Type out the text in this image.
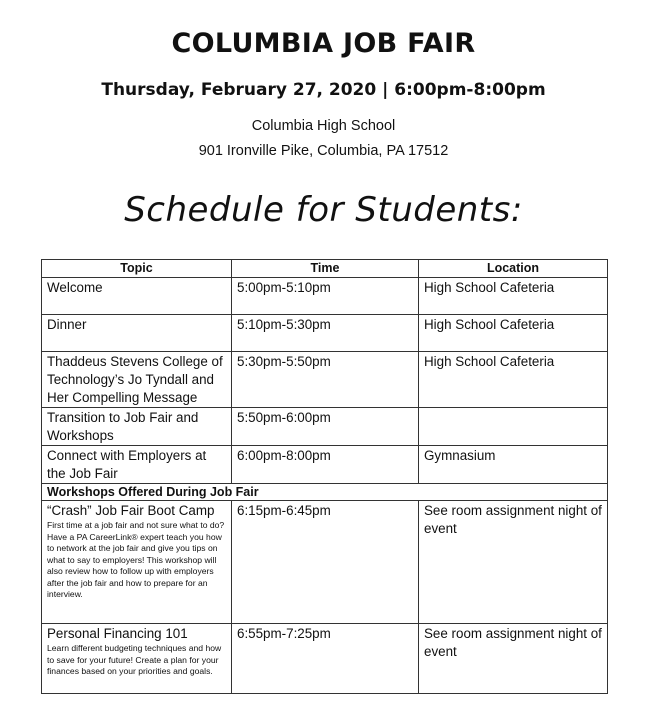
COLUMBIA JOB FAIR
Thursday, February 27, 2020 | 6:00pm-8:00pm
Columbia High School
901 Ironville Pike, Columbia, PA 17512
Schedule for Students:
Topic	Time	Location
Welcome	5:00pm-5:10pm	High School Cafeteria
Dinner	5:10pm-5:30pm	High School Cafeteria
Thaddeus Stevens College of Technology’s Jo Tyndall and Her Compelling Message	5:30pm-5:50pm	High School Cafeteria
Transition to Job Fair and Workshops	5:50pm-6:00pm	
Connect with Employers at the Job Fair	6:00pm-8:00pm	Gymnasium
Workshops Offered During Job Fair		

“Crash” Job Fair Boot Camp
First time at a job fair and not sure what to do? Have a PA CareerLink® expert teach you how to network at the job fair and give you tips on what to say to employers! This workshop will also review how to follow up with employers after the job fair and how to prepare for an interview.	6:15pm-6:45pm	See room assignment night of event

Personal Financing 101
Learn different budgeting techniques and how to save for your future! Create a plan for your finances based on your priorities and goals.	6:55pm-7:25pm	See room assignment night of event
